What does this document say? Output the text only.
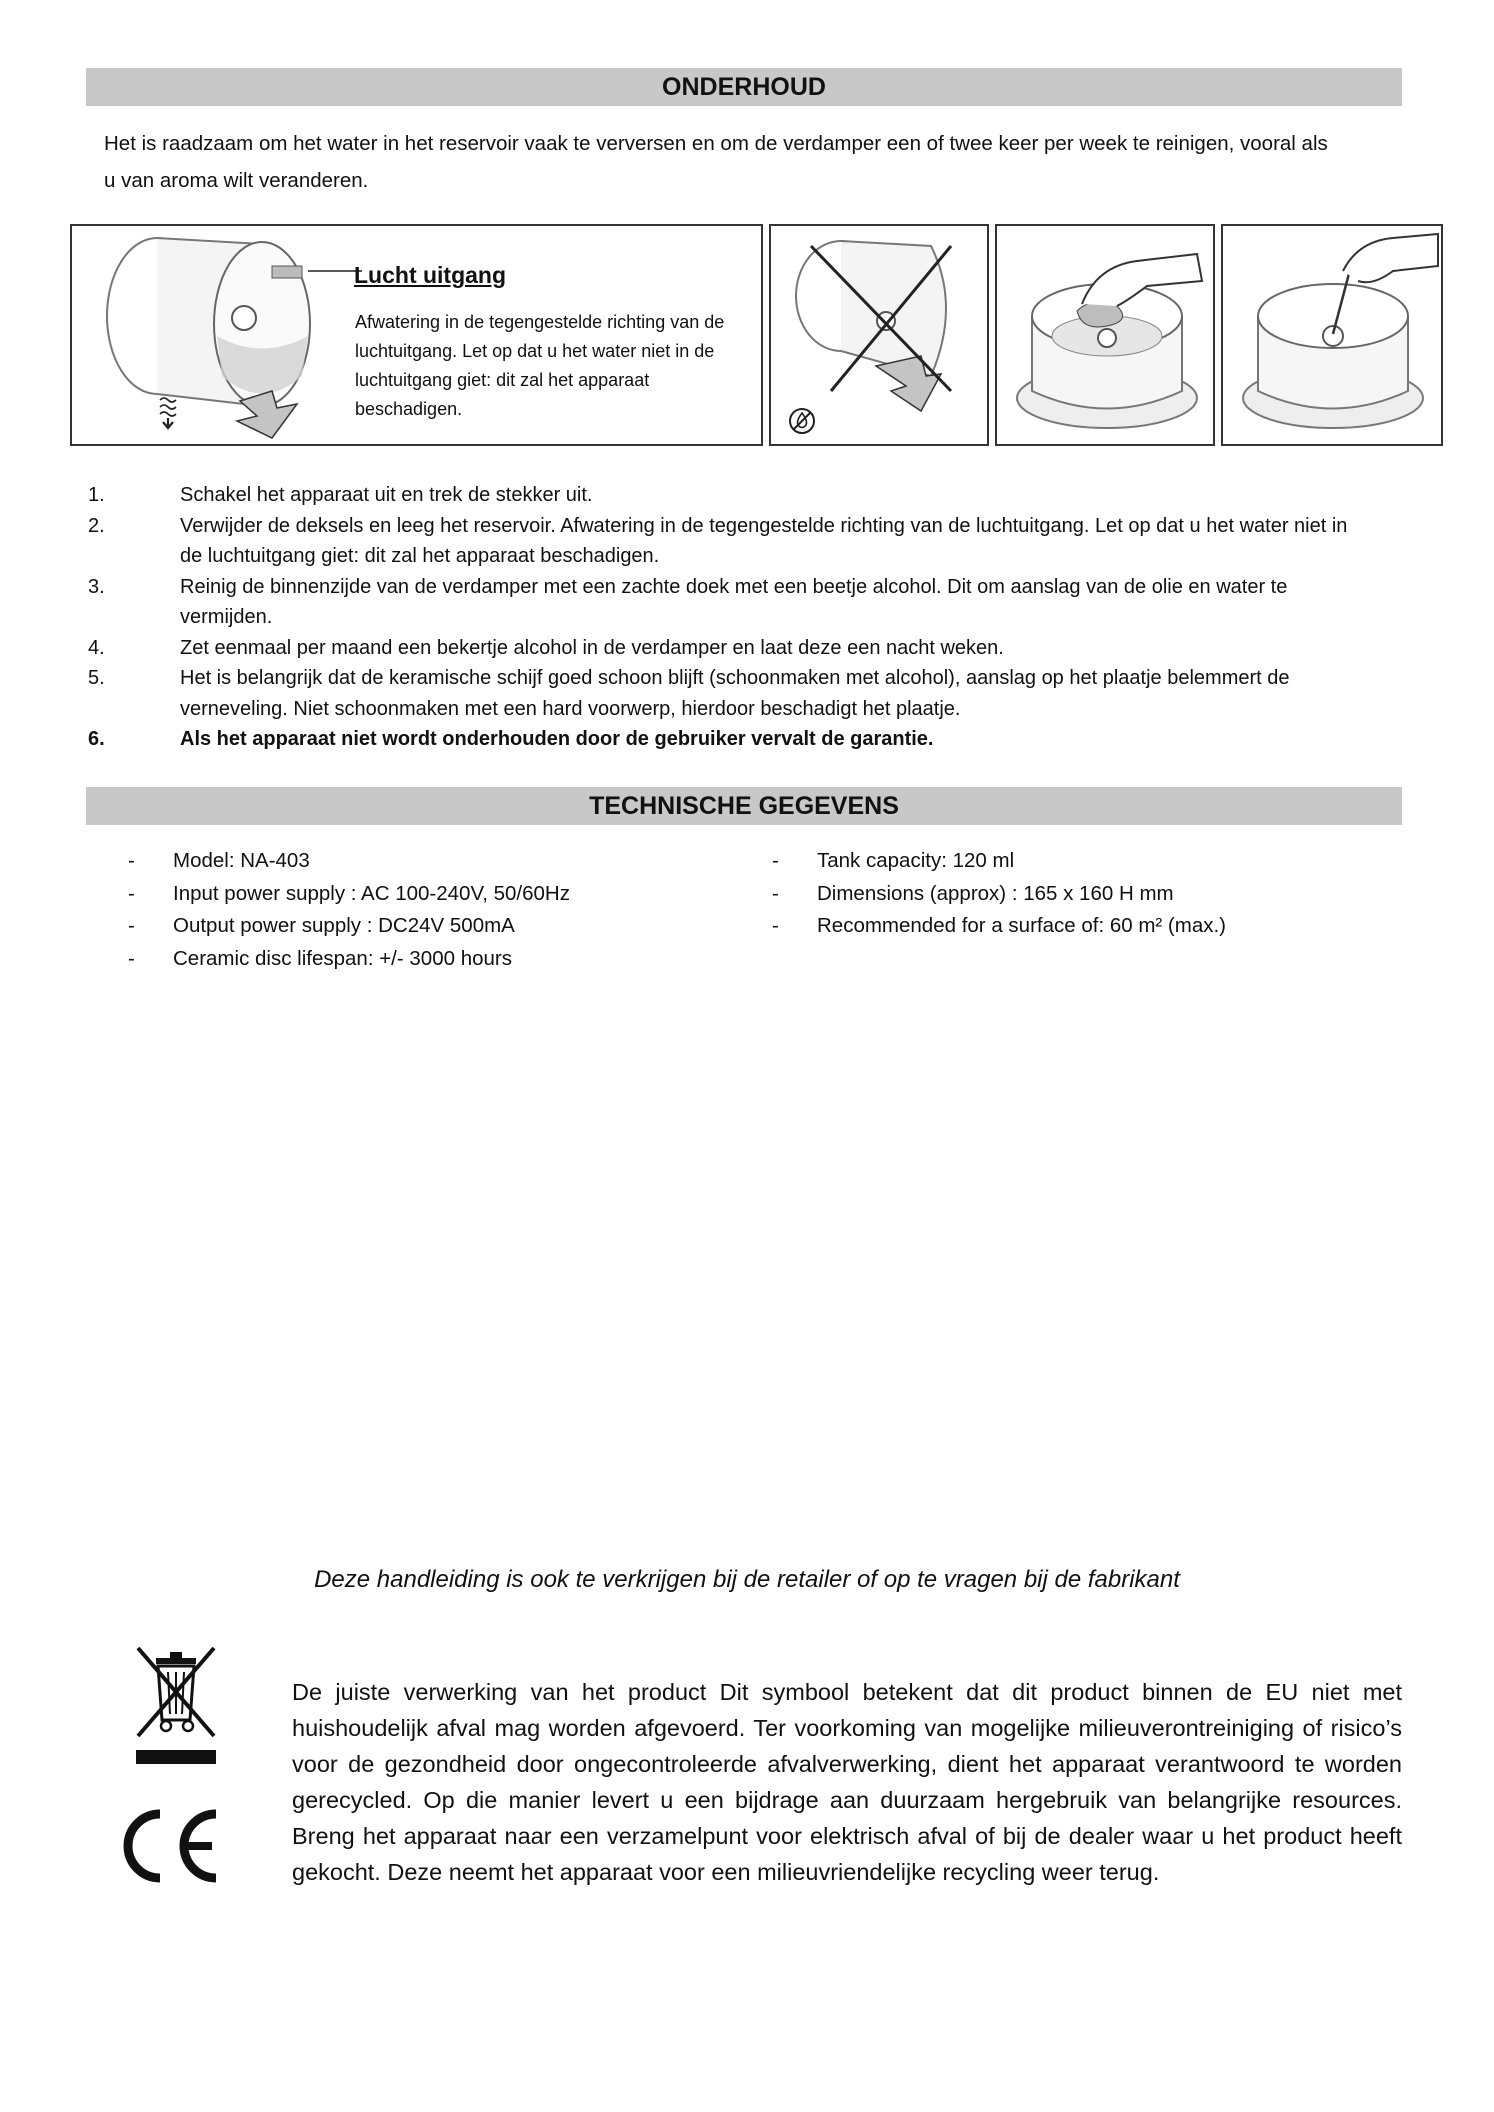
ONDERHOUD
Het is raadzaam om het water in het reservoir vaak te verversen en om de verdamper een of twee keer per week te reinigen, vooral als u van aroma wilt veranderen.
Lucht uitgang
Afwatering in de tegengestelde richting van de luchtuitgang. Let op dat u het water niet in de luchtuitgang giet: dit zal het apparaat beschadigen.
1.	Schakel het apparaat uit en trek de stekker uit.
2.	Verwijder de deksels en leeg het reservoir. Afwatering in de tegengestelde richting van de luchtuitgang. Let op dat u het water niet in de luchtuitgang giet: dit zal het apparaat beschadigen.
3.	Reinig de binnenzijde van de verdamper met een zachte doek met een beetje alcohol. Dit om aanslag van de olie en water te vermijden.
4.	Zet eenmaal per maand een bekertje alcohol in de verdamper en laat deze een nacht weken.
5.	Het is belangrijk dat de keramische schijf goed schoon blijft (schoonmaken met alcohol), aanslag op het plaatje belemmert de verneveling. Niet schoonmaken met een hard voorwerp, hierdoor beschadigt het plaatje.
6.	Als het apparaat niet wordt onderhouden door de gebruiker vervalt de garantie.
TECHNISCHE GEGEVENS
- Model: NA-403
- Input power supply : AC 100-240V, 50/60Hz
- Output power supply : DC24V 500mA
- Ceramic disc lifespan: +/- 3000 hours
- Tank capacity: 120 ml
- Dimensions (approx) : 165 x 160 H mm
- Recommended for a surface of: 60 m² (max.)
Deze handleiding is ook te verkrijgen bij de retailer of op te vragen bij de fabrikant
De juiste verwerking van het product Dit symbool betekent dat dit product binnen de EU niet met huishoudelijk afval mag worden afgevoerd. Ter voorkoming van mogelijke milieuverontreiniging of risico’s voor de gezondheid door ongecontroleerde afvalverwerking, dient het apparaat verantwoord te worden gerecycled. Op die manier levert u een bijdrage aan duurzaam hergebruik van belangrijke resources. Breng het apparaat naar een verzamelpunt voor elektrisch afval of bij de dealer waar u het product heeft gekocht. Deze neemt het apparaat voor een milieuvriendelijke recycling weer terug.
